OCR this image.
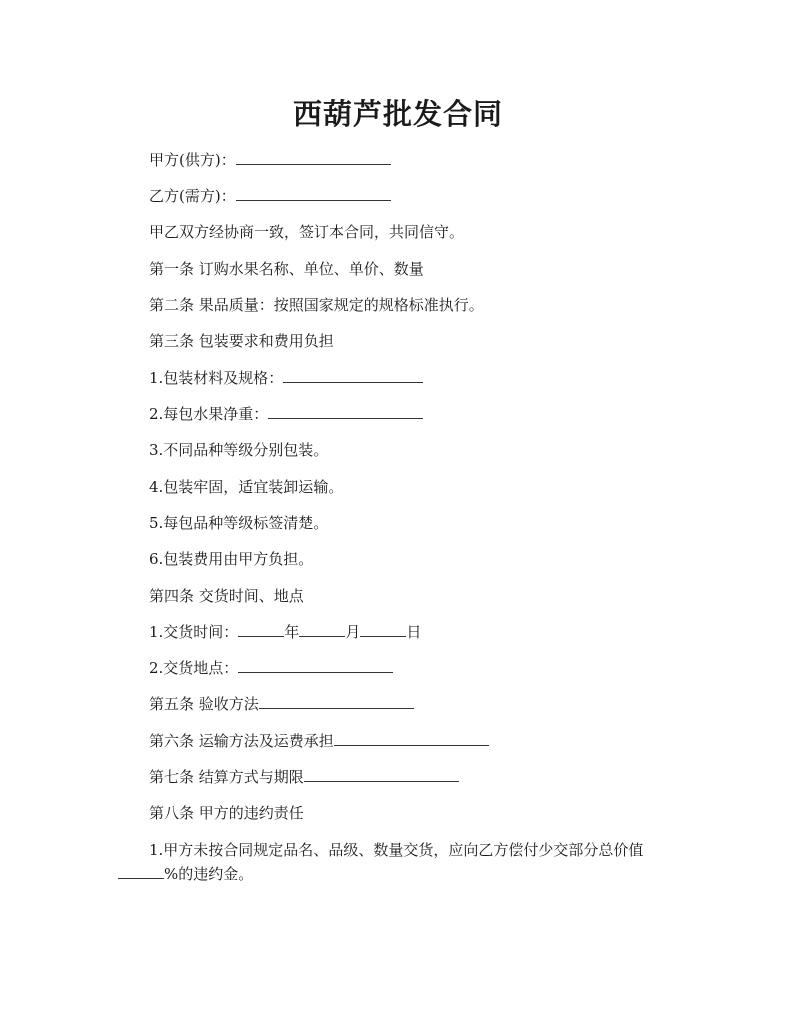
西葫芦批发合同
甲方(供方)：
乙方(需方)：
甲乙双方经协商一致，签订本合同，共同信守。
第一条 订购水果名称、单位、单价、数量
第二条 果品质量：按照国家规定的规格标准执行。
第三条 包装要求和费用负担
1.包装材料及规格：
2.每包水果净重：
3.不同品种等级分别包装。
4.包装牢固，适宜装卸运输。
5.每包品种等级标签清楚。
6.包装费用由甲方负担。
第四条 交货时间、地点
1.交货时间：	年	月	日
2.交货地点：
第五条 验收方法
第六条 运输方法及运费承担
第七条 结算方式与期限
第八条 甲方的违约责任
1.甲方未按合同规定品名、品级、数量交货，应向乙方偿付少交部分总价值
%的违约金。
